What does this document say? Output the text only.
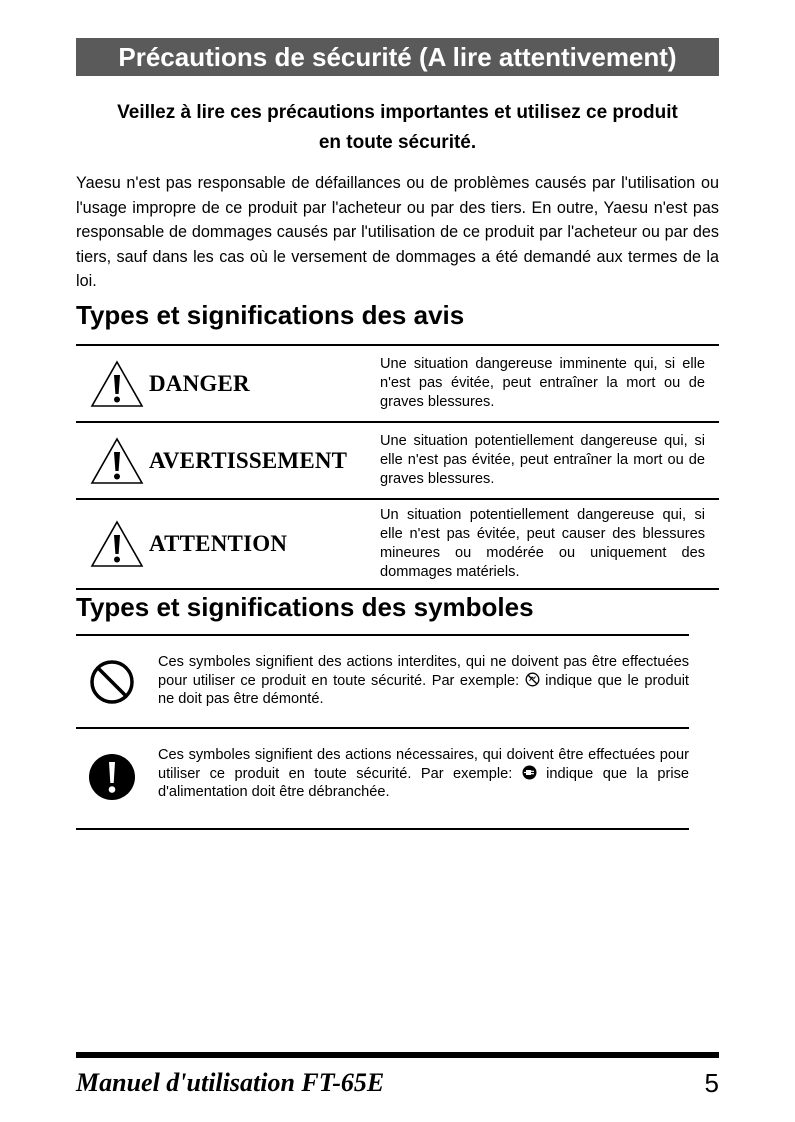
Précautions de sécurité (A lire attentivement)
Veillez à lire ces précautions importantes et utilisez ce produit
en toute sécurité.
Yaesu n'est pas responsable de défaillances ou de problèmes causés par l'utilisation ou l'usage impropre de ce produit par l'acheteur ou par des tiers. En outre, Yaesu n'est pas responsable de dommages causés par l'utilisation de ce produit par l'acheteur ou par des tiers, sauf dans les cas où le versement de dommages a été demandé aux termes de la loi.
Types et significations des avis
DANGER
Une situation dangereuse imminente qui, si elle n'est pas évitée, peut entraîner la mort ou de graves blessures.
AVERTISSEMENT
Une situation potentiellement dangereuse qui, si elle n'est pas évitée, peut entraîner la mort ou de graves blessures.
ATTENTION
Un situation potentiellement dangereuse qui, si elle n'est pas évitée, peut causer des blessures mineures ou modérée ou uniquement des dommages matériels.
Types et significations des symboles
Ces symboles signifient des actions interdites, qui ne doivent pas être effectuées pour utiliser ce produit en toute sécurité. Par exemple:  indique que le produit ne doit pas être démonté.
Ces symboles signifient des actions nécessaires, qui doivent être effectuées pour utiliser ce produit en toute sécurité. Par exemple:  indique que la prise d'alimentation doit être débranchée.
Manuel d'utilisation FT-65E	5
